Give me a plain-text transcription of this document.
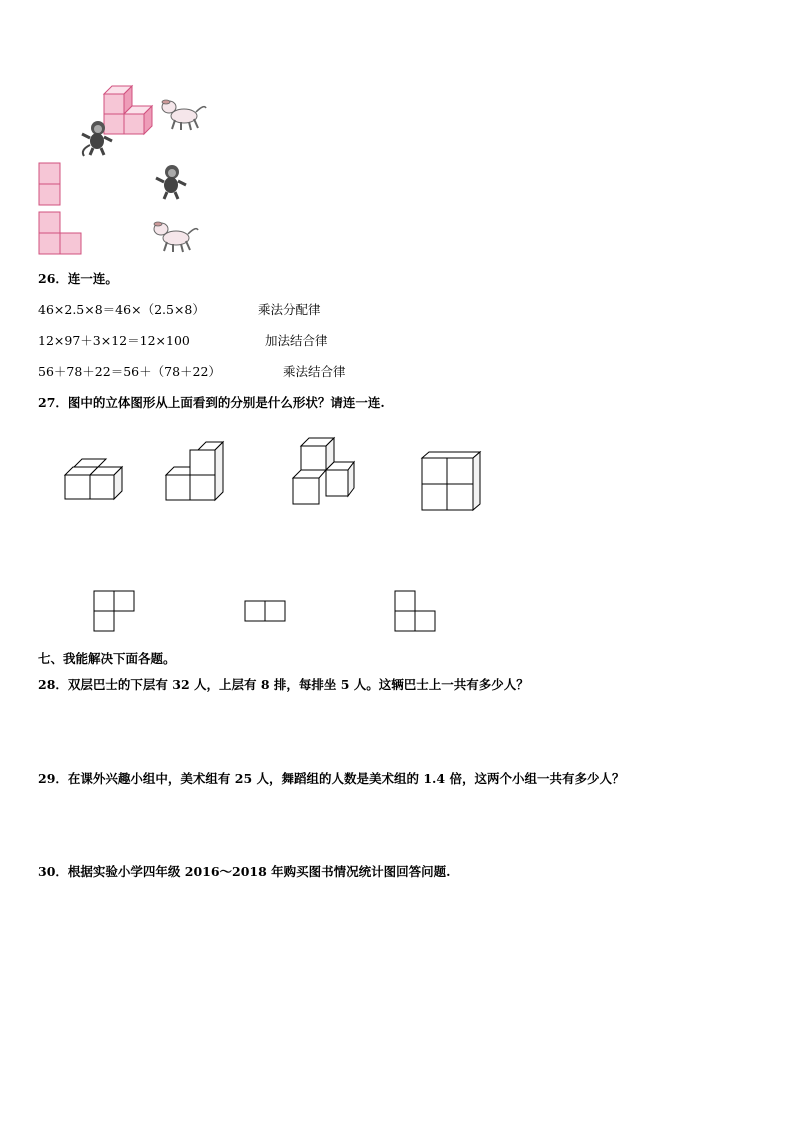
26．连一连。
46×2.5×8＝46×（2.5×8）	乘法分配律
12×97＋3×12＝12×100	加法结合律
56＋78＋22＝56＋（78＋22）	乘法结合律
27．图中的立体图形从上面看到的分别是什么形状？请连一连.
七、我能解决下面各题。
28．双层巴士的下层有 32 人，上层有 8 排，每排坐 5 人。这辆巴士上一共有多少人？
29．在课外兴趣小组中，美术组有 25 人，舞蹈组的人数是美术组的 1.4 倍，这两个小组一共有多少人？
30．根据实验小学四年级 2016～2018 年购买图书情况统计图回答问题.
